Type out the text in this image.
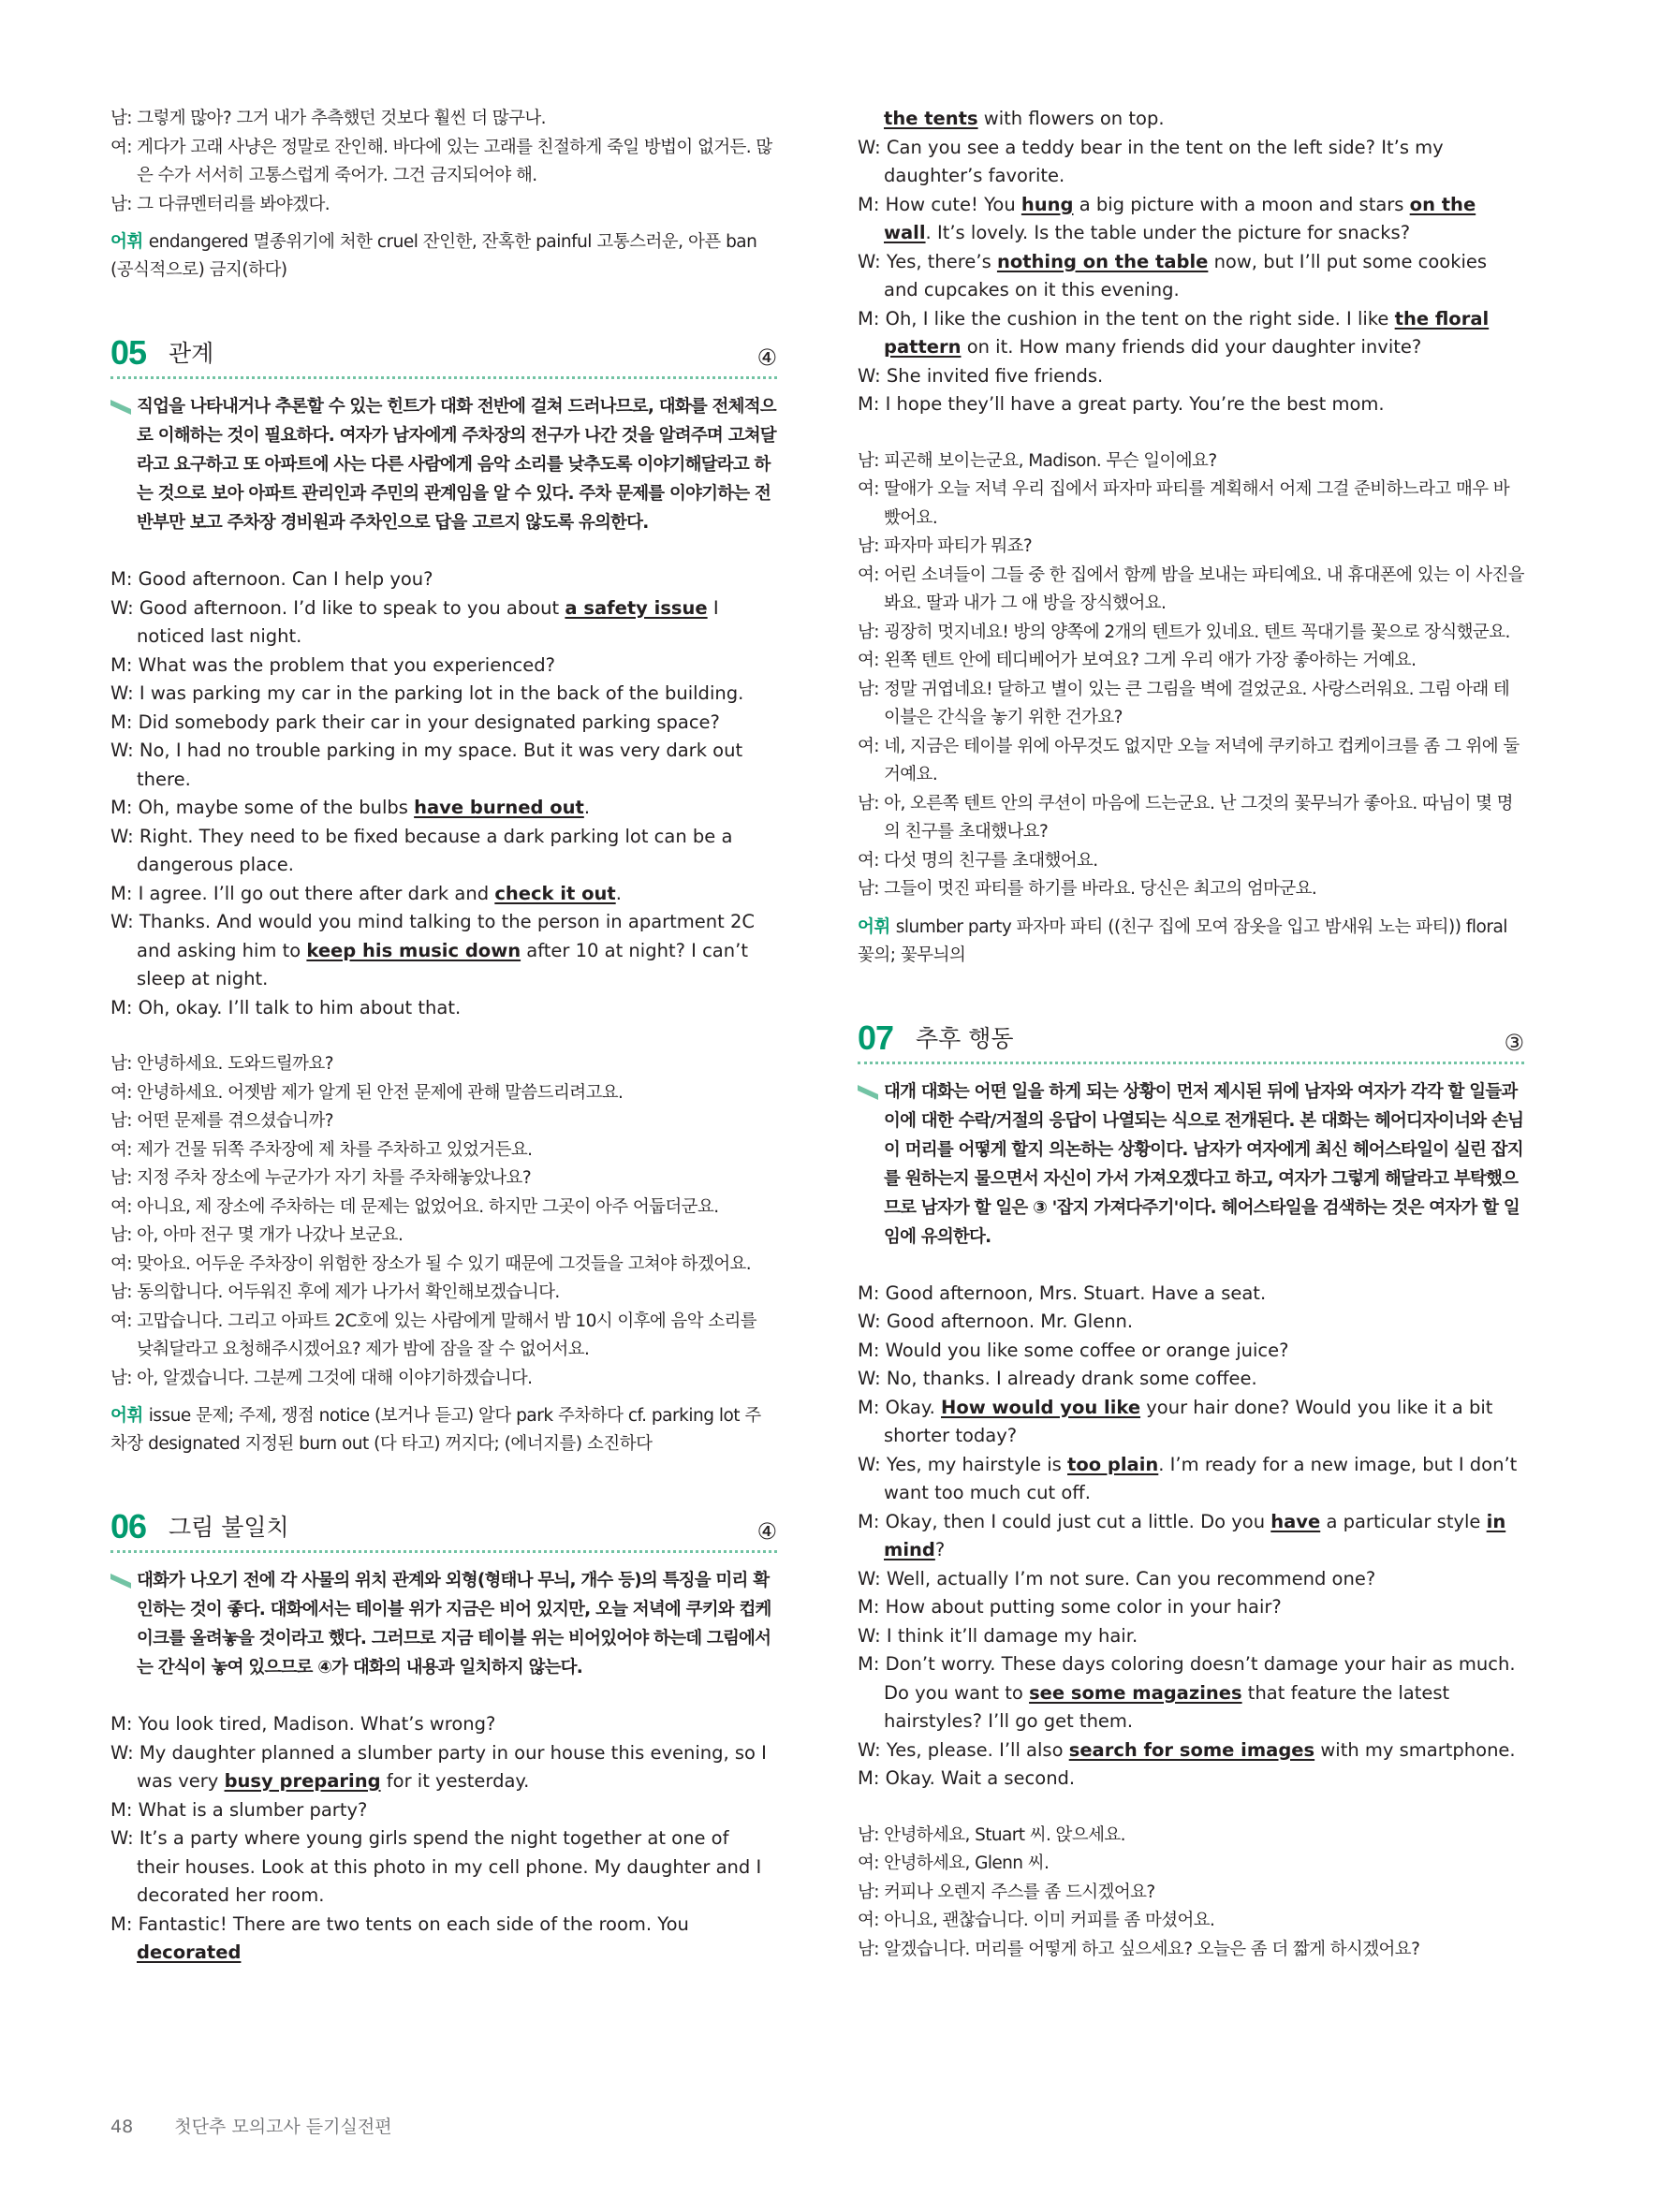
남: 그렇게 많아? 그거 내가 추측했던 것보다 훨씬 더 많구나.

여: 게다가 고래 사냥은 정말로 잔인해. 바다에 있는 고래를 친절하게 죽일 방법이 없거든. 많은 수가 서서히 고통스럽게 죽어가. 그건 금지되어야 해.

남: 그 다큐멘터리를 봐야겠다.

어휘 endangered 멸종위기에 처한 cruel 잔인한, 잔혹한 painful 고통스러운, 아픈 ban (공식적으로) 금지(하다)

05 관계	④
직업을 나타내거나 추론할 수 있는 힌트가 대화 전반에 걸쳐 드러나므로, 대화를 전체적으로 이해하는 것이 필요하다. 여자가 남자에게 주차장의 전구가 나간 것을 알려주며 고쳐달라고 요구하고 또 아파트에 사는 다른 사람에게 음악 소리를 낮추도록 이야기해달라고 하는 것으로 보아 아파트 관리인과 주민의 관계임을 알 수 있다. 주차 문제를 이야기하는 전반부만 보고 주차장 경비원과 주차인으로 답을 고르지 않도록 유의한다.

M: Good afternoon. Can I help you?

W: Good afternoon. I’d like to speak to you about a safety issue I noticed last night.

M: What was the problem that you experienced?

W: I was parking my car in the parking lot in the back of the building.

M: Did somebody park their car in your designated parking space?

W: No, I had no trouble parking in my space. But it was very dark out there.

M: Oh, maybe some of the bulbs have burned out.

W: Right. They need to be fixed because a dark parking lot can be a dangerous place.

M: I agree. I’ll go out there after dark and check it out.

W: Thanks. And would you mind talking to the person in apartment 2C and asking him to keep his music down after 10 at night? I can’t sleep at night.

M: Oh, okay. I’ll talk to him about that.

남: 안녕하세요. 도와드릴까요?

여: 안녕하세요. 어젯밤 제가 알게 된 안전 문제에 관해 말씀드리려고요.

남: 어떤 문제를 겪으셨습니까?

여: 제가 건물 뒤쪽 주차장에 제 차를 주차하고 있었거든요.

남: 지정 주차 장소에 누군가가 자기 차를 주차해놓았나요?

여: 아니요, 제 장소에 주차하는 데 문제는 없었어요. 하지만 그곳이 아주 어둡더군요.

남: 아, 아마 전구 몇 개가 나갔나 보군요.

여: 맞아요. 어두운 주차장이 위험한 장소가 될 수 있기 때문에 그것들을 고쳐야 하겠어요.

남: 동의합니다. 어두워진 후에 제가 나가서 확인해보겠습니다.

여: 고맙습니다. 그리고 아파트 2C호에 있는 사람에게 말해서 밤 10시 이후에 음악 소리를 낮춰달라고 요청해주시겠어요? 제가 밤에 잠을 잘 수 없어서요.

남: 아, 알겠습니다. 그분께 그것에 대해 이야기하겠습니다.

어휘 issue 문제; 주제, 쟁점 notice (보거나 듣고) 알다 park 주차하다 cf. parking lot 주차장 designated 지정된 burn out (다 타고) 꺼지다; (에너지를) 소진하다

06 그림 불일치	④
대화가 나오기 전에 각 사물의 위치 관계와 외형(형태나 무늬, 개수 등)의 특징을 미리 확인하는 것이 좋다. 대화에서는 테이블 위가 지금은 비어 있지만, 오늘 저녁에 쿠키와 컵케이크를 올려놓을 것이라고 했다. 그러므로 지금 테이블 위는 비어있어야 하는데 그림에서는 간식이 놓여 있으므로 ④가 대화의 내용과 일치하지 않는다.

M: You look tired, Madison. What’s wrong?

W: My daughter planned a slumber party in our house this evening, so I was very busy preparing for it yesterday.

M: What is a slumber party?

W: It’s a party where young girls spend the night together at one of their houses. Look at this photo in my cell phone. My daughter and I decorated her room.

M: Fantastic! There are two tents on each side of the room. You decorated

the tents with flowers on top.

W: Can you see a teddy bear in the tent on the left side? It’s my daughter’s favorite.

M: How cute! You hung a big picture with a moon and stars on the wall. It’s lovely. Is the table under the picture for snacks?

W: Yes, there’s nothing on the table now, but I’ll put some cookies and cupcakes on it this evening.

M: Oh, I like the cushion in the tent on the right side. I like the floral pattern on it. How many friends did your daughter invite?

W: She invited five friends.

M: I hope they’ll have a great party. You’re the best mom.

남: 피곤해 보이는군요, Madison. 무슨 일이에요?

여: 딸애가 오늘 저녁 우리 집에서 파자마 파티를 계획해서 어제 그걸 준비하느라고 매우 바빴어요.

남: 파자마 파티가 뭐죠?

여: 어린 소녀들이 그들 중 한 집에서 함께 밤을 보내는 파티예요. 내 휴대폰에 있는 이 사진을 봐요. 딸과 내가 그 애 방을 장식했어요.

남: 굉장히 멋지네요! 방의 양쪽에 2개의 텐트가 있네요. 텐트 꼭대기를 꽃으로 장식했군요.

여: 왼쪽 텐트 안에 테디베어가 보여요? 그게 우리 애가 가장 좋아하는 거예요.

남: 정말 귀엽네요! 달하고 별이 있는 큰 그림을 벽에 걸었군요. 사랑스러워요. 그림 아래 테이블은 간식을 놓기 위한 건가요?

여: 네, 지금은 테이블 위에 아무것도 없지만 오늘 저녁에 쿠키하고 컵케이크를 좀 그 위에 둘 거예요.

남: 아, 오른쪽 텐트 안의 쿠션이 마음에 드는군요. 난 그것의 꽃무늬가 좋아요. 따님이 몇 명의 친구를 초대했나요?

여: 다섯 명의 친구를 초대했어요.

남: 그들이 멋진 파티를 하기를 바라요. 당신은 최고의 엄마군요.

어휘 slumber party 파자마 파티 ((친구 집에 모여 잠옷을 입고 밤새워 노는 파티)) floral 꽃의; 꽃무늬의

07 추후 행동	③
대개 대화는 어떤 일을 하게 되는 상황이 먼저 제시된 뒤에 남자와 여자가 각각 할 일들과 이에 대한 수락/거절의 응답이 나열되는 식으로 전개된다. 본 대화는 헤어디자이너와 손님이 머리를 어떻게 할지 의논하는 상황이다. 남자가 여자에게 최신 헤어스타일이 실린 잡지를 원하는지 물으면서 자신이 가서 가져오겠다고 하고, 여자가 그렇게 해달라고 부탁했으므로 남자가 할 일은 ③ '잡지 가져다주기'이다. 헤어스타일을 검색하는 것은 여자가 할 일임에 유의한다.

M: Good afternoon, Mrs. Stuart. Have a seat.

W: Good afternoon. Mr. Glenn.

M: Would you like some coffee or orange juice?

W: No, thanks. I already drank some coffee.

M: Okay. How would you like your hair done? Would you like it a bit shorter today?

W: Yes, my hairstyle is too plain. I’m ready for a new image, but I don’t want too much cut off.

M: Okay, then I could just cut a little. Do you have a particular style in mind?

W: Well, actually I’m not sure. Can you recommend one?

M: How about putting some color in your hair?

W: I think it’ll damage my hair.

M: Don’t worry. These days coloring doesn’t damage your hair as much. Do you want to see some magazines that feature the latest hairstyles? I’ll go get them.

W: Yes, please. I’ll also search for some images with my smartphone.

M: Okay. Wait a second.

남: 안녕하세요, Stuart 씨. 앉으세요.

여: 안녕하세요, Glenn 씨.

남: 커피나 오렌지 주스를 좀 드시겠어요?

여: 아니요, 괜찮습니다. 이미 커피를 좀 마셨어요.

남: 알겠습니다. 머리를 어떻게 하고 싶으세요? 오늘은 좀 더 짧게 하시겠어요?

48 첫단추 모의고사 듣기실전편
